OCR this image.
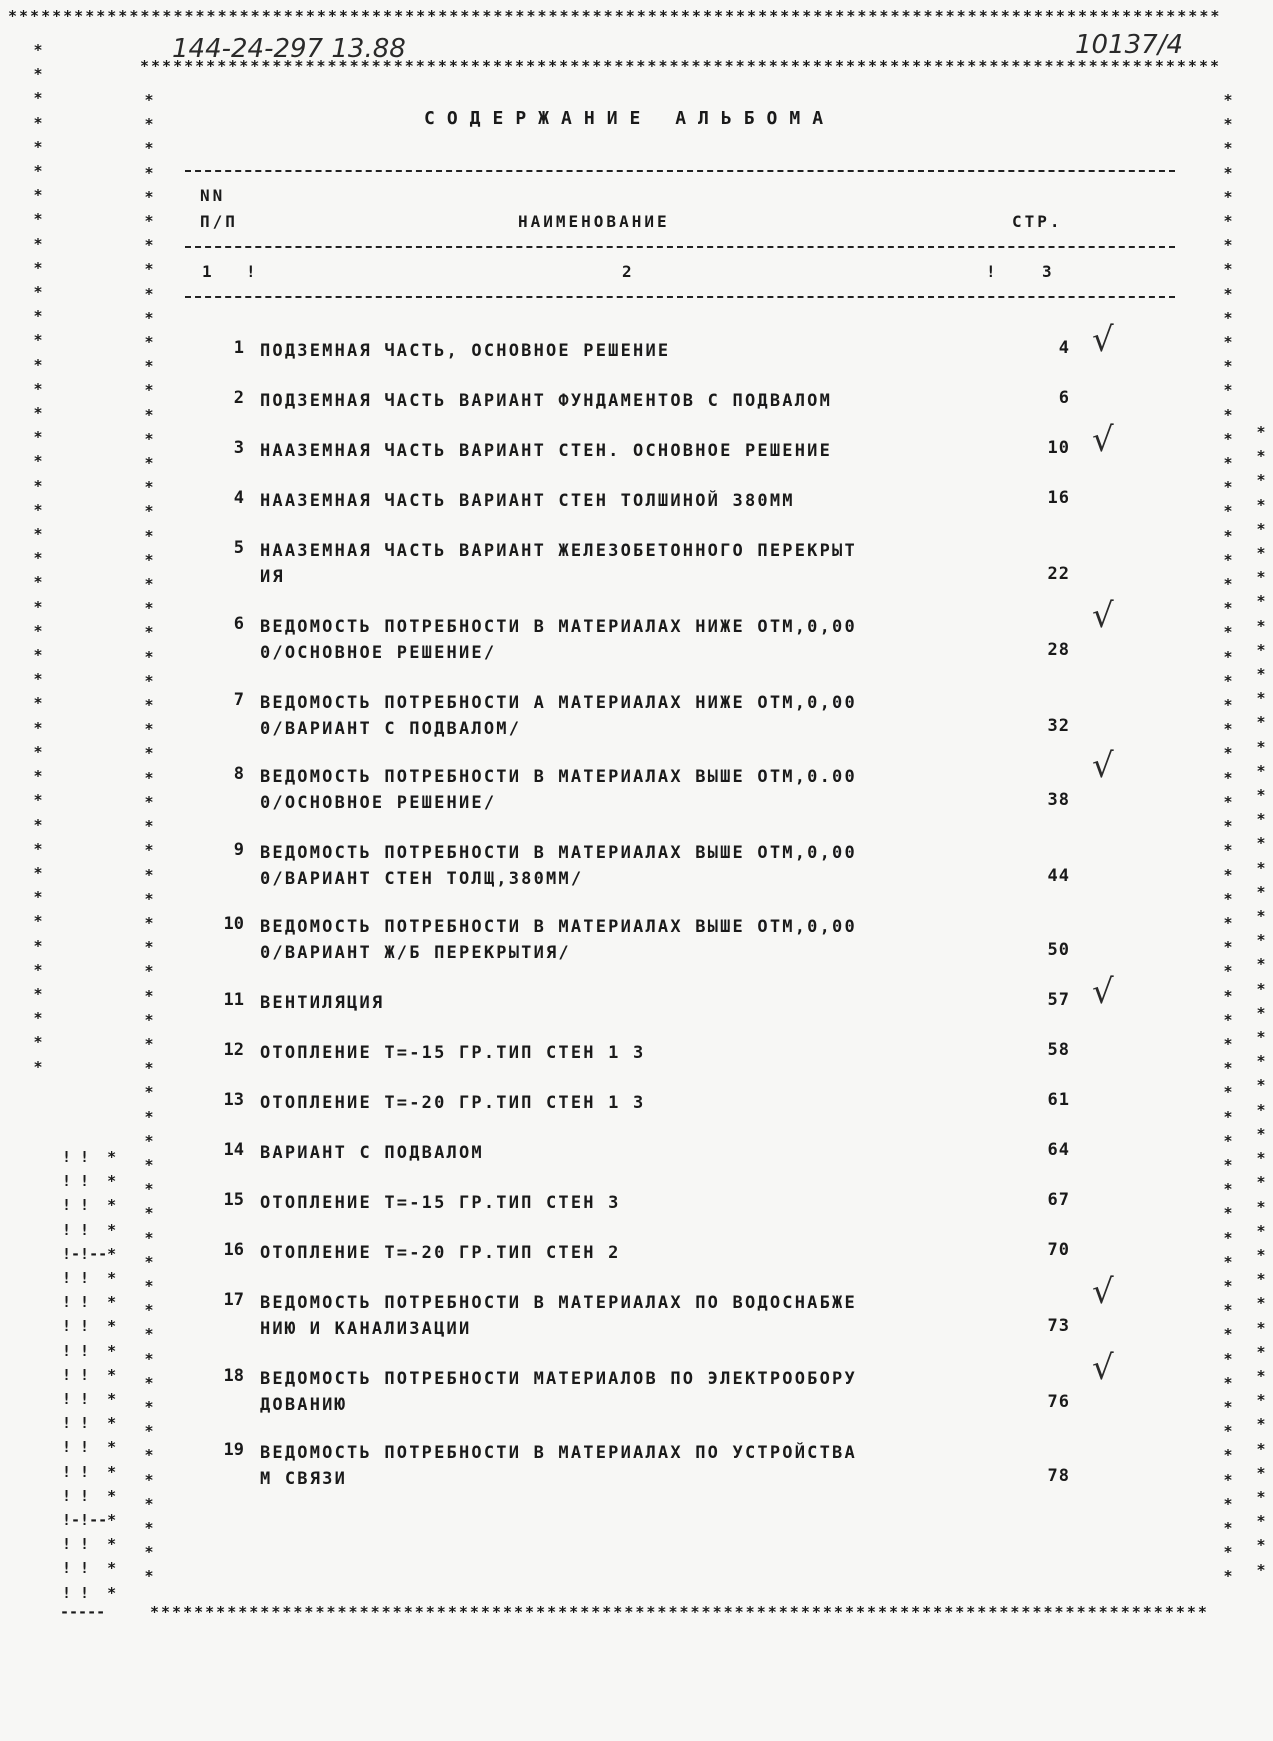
**************************************************************************************************************
**************************************************************************************************
************************************************************************************************
-----
*
*
*
*
*
*
*
*
*
*
*
*
*
*
*
*
*
*
*
*
*
*
*
*
*
*
*
*
*
*
*
*
*
*
*
*
*
*
*
*
*
*
*
*
*
*
*
*
*
*
*
*
*
*
*
*
*
*
*
*
*
*
*
*
*
*
*
*
*
*
*
*
*
*
*
*
*
*
*
*
*
*
*
*
*
*
*
*
*
*
*
*
*
*
*
*
*
*
*
*
*
*
*
*
*
*
*
*
*
*
*
*
*
*
*
*
*
*
*
*
*
*
*
*
*
*
*
*
*
*
*
*
*
*
*
*
*
*
*
*
*
*
*
*
*
*
*
*
*
*
*
*
*
*
*
*
*
*
*
*
*
*
*
*
*
*
*
*
*
*
*
*
*
*
*
*
*
*
*
*
*
*
*
*
*
*
*
*
*
*
*
*
*
*
*
*
*
*
*
*
*
*
*
*
*
*
*
*
*
*
*
*
*
*
*
! !  *
! !  *
! !  *
! !  *
!-!--*
! !  *
! !  *
! !  *
! !  *
! !  *
! !  *
! !  *
! !  *
! !  *
! !  *
!-!--*
! !  *
! !  *
! !  *
144-24-297 13.88	10137/4
СОДЕРЖАНИЕ АЛЬБОМА
NN
П/П	НАИМЕНОВАНИЕ	СТР.
1 !	2	!	3
1 ПОДЗЕМНАЯ ЧАСТЬ, ОСНОВНОЕ РЕШЕНИЕ	4 √
2 ПОДЗЕМНАЯ ЧАСТЬ ВАРИАНТ ФУНДАМЕНТОВ С ПОДВАЛОМ	6
3 НААЗЕМНАЯ ЧАСТЬ ВАРИАНТ СТЕН. ОСНОВНОЕ РЕШЕНИЕ	10 √
4 НААЗЕМНАЯ ЧАСТЬ ВАРИАНТ СТЕН ТОЛШИНОЙ 380ММ	16
5 НААЗЕМНАЯ ЧАСТЬ ВАРИАНТ ЖЕЛЕЗОБЕТОННОГО ПЕРЕКРЫТ
ИЯ	22
6 ВЕДОМОСТЬ ПОТРЕБНОСТИ В МАТЕРИАЛАХ НИЖЕ ОТМ,0,00
0/ОСНОВНОЕ РЕШЕНИЕ/	28
√
7 ВЕДОМОСТЬ ПОТРЕБНОСТИ А МАТЕРИАЛАХ НИЖЕ ОТМ,0,00
0/ВАРИАНТ С ПОДВАЛОМ/	32
8 ВЕДОМОСТЬ ПОТРЕБНОСТИ В МАТЕРИАЛАХ ВЫШЕ ОТМ,0.00
0/ОСНОВНОЕ РЕШЕНИЕ/	38
√
9 ВЕДОМОСТЬ ПОТРЕБНОСТИ В МАТЕРИАЛАХ ВЫШЕ ОТМ,0,00
0/ВАРИАНТ СТЕН ТОЛЩ,380ММ/	44
10 ВЕДОМОСТЬ ПОТРЕБНОСТИ В МАТЕРИАЛАХ ВЫШЕ ОТМ,0,00
0/ВАРИАНТ Ж/Б ПЕРЕКРЫТИЯ/	50
11 ВЕНТИЛЯЦИЯ	57 √
12 ОТОПЛЕНИЕ Т=-15 ГР.ТИП СТЕН 1 3	58
13 ОТОПЛЕНИЕ Т=-20 ГР.ТИП СТЕН 1 3	61
14 ВАРИАНТ С ПОДВАЛОМ	64
15 ОТОПЛЕНИЕ Т=-15 ГР.ТИП СТЕН 3	67
16 ОТОПЛЕНИЕ Т=-20 ГР.ТИП СТЕН 2	70
17 ВЕДОМОСТЬ ПОТРЕБНОСТИ В МАТЕРИАЛАХ ПО ВОДОСНАБЖЕ
НИЮ И КАНАЛИЗАЦИИ	73
√
18 ВЕДОМОСТЬ ПОТРЕБНОСТИ МАТЕРИАЛОВ ПО ЭЛЕКТРООБОРУ
ДОВАНИЮ	76
√
19 ВЕДОМОСТЬ ПОТРЕБНОСТИ В МАТЕРИАЛАХ ПО УСТРОЙСТВА
М СВЯЗИ	78
